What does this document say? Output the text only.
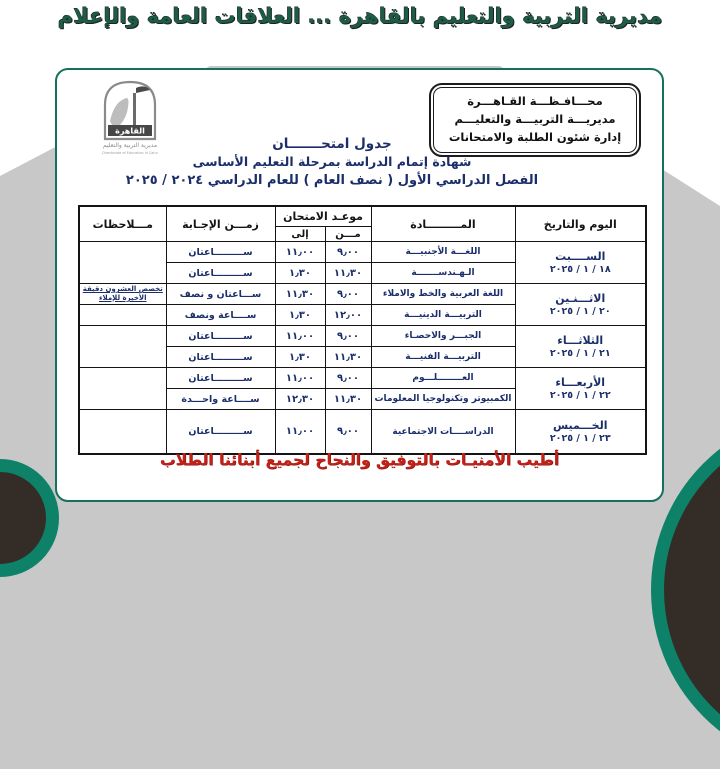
مديرية التربية والتعليم بالقاهرة ... العلاقات العامة والإعلام
القاهرة
مديرية التربية والتعليم
Directorate of Education in Cairo
محـــافـظـــة القـاهـــرة
مديريـــة التربيـــة والتعليـــم
إدارة شئون الطلبة والامتحانات
جدول امتحـــــــان
شهادة إتمام الدراسة بمرحلة التعليم الأساسى
الفصل الدراسي الأول ( نصف العام ) للعام الدراسي ٢٠٢٤ / ٢٠٢٥
اليوم والتاريخ	المـــــــــادة	موعـد الامتحان		زمـــن الإجـابة	مـــلاحظات
		مـــن	إلى		

الســــبت
١٨ / ١ / ٢٠٢٥	اللغـــة الأجنبيـــة	٩٫٠٠	١١٫٠٠	ســـــــــاعتان	
	الـهـندســـــــة	١١٫٣٠	١٫٣٠	ســـــــــاعتان	

الاثـــنـين
٢٠ / ١ / ٢٠٢٥	اللغة العربية والخط والاملاء	٩٫٠٠	١١٫٣٠	ســـاعتان و نصف	تخصص العشرون دقيقة الأخيرة للإملاء
	التربيـــة الدينيـــة	١٢٫٠٠	١٫٣٠	ســــاعة ونصف	

الثلاثـــاء
٢١ / ١ / ٢٠٢٥	الجبـــر والاحصـاء	٩٫٠٠	١١٫٠٠	ســـــــــاعتان	
	التربيـــة الفنيـــة	١١٫٣٠	١٫٣٠	ســـــــــاعتان	

الأربعـــاء
٢٢ / ١ / ٢٠٢٥	العــــــــلـــوم	٩٫٠٠	١١٫٠٠	ســـــــــاعتان	
	الكمبيوتر وتكنولوجيا المعلومات	١١٫٣٠	١٢٫٣٠	ســــاعة واحـــدة	

الخـــميس
٢٣ / ١ / ٢٠٢٥	الدراســــات الاجتماعية	٩٫٠٠	١١٫٠٠	ســـــــــاعتان	
أطيب الأمنيـات بالتوفيق والنجاح لجميع أبنائنا الطلاب
